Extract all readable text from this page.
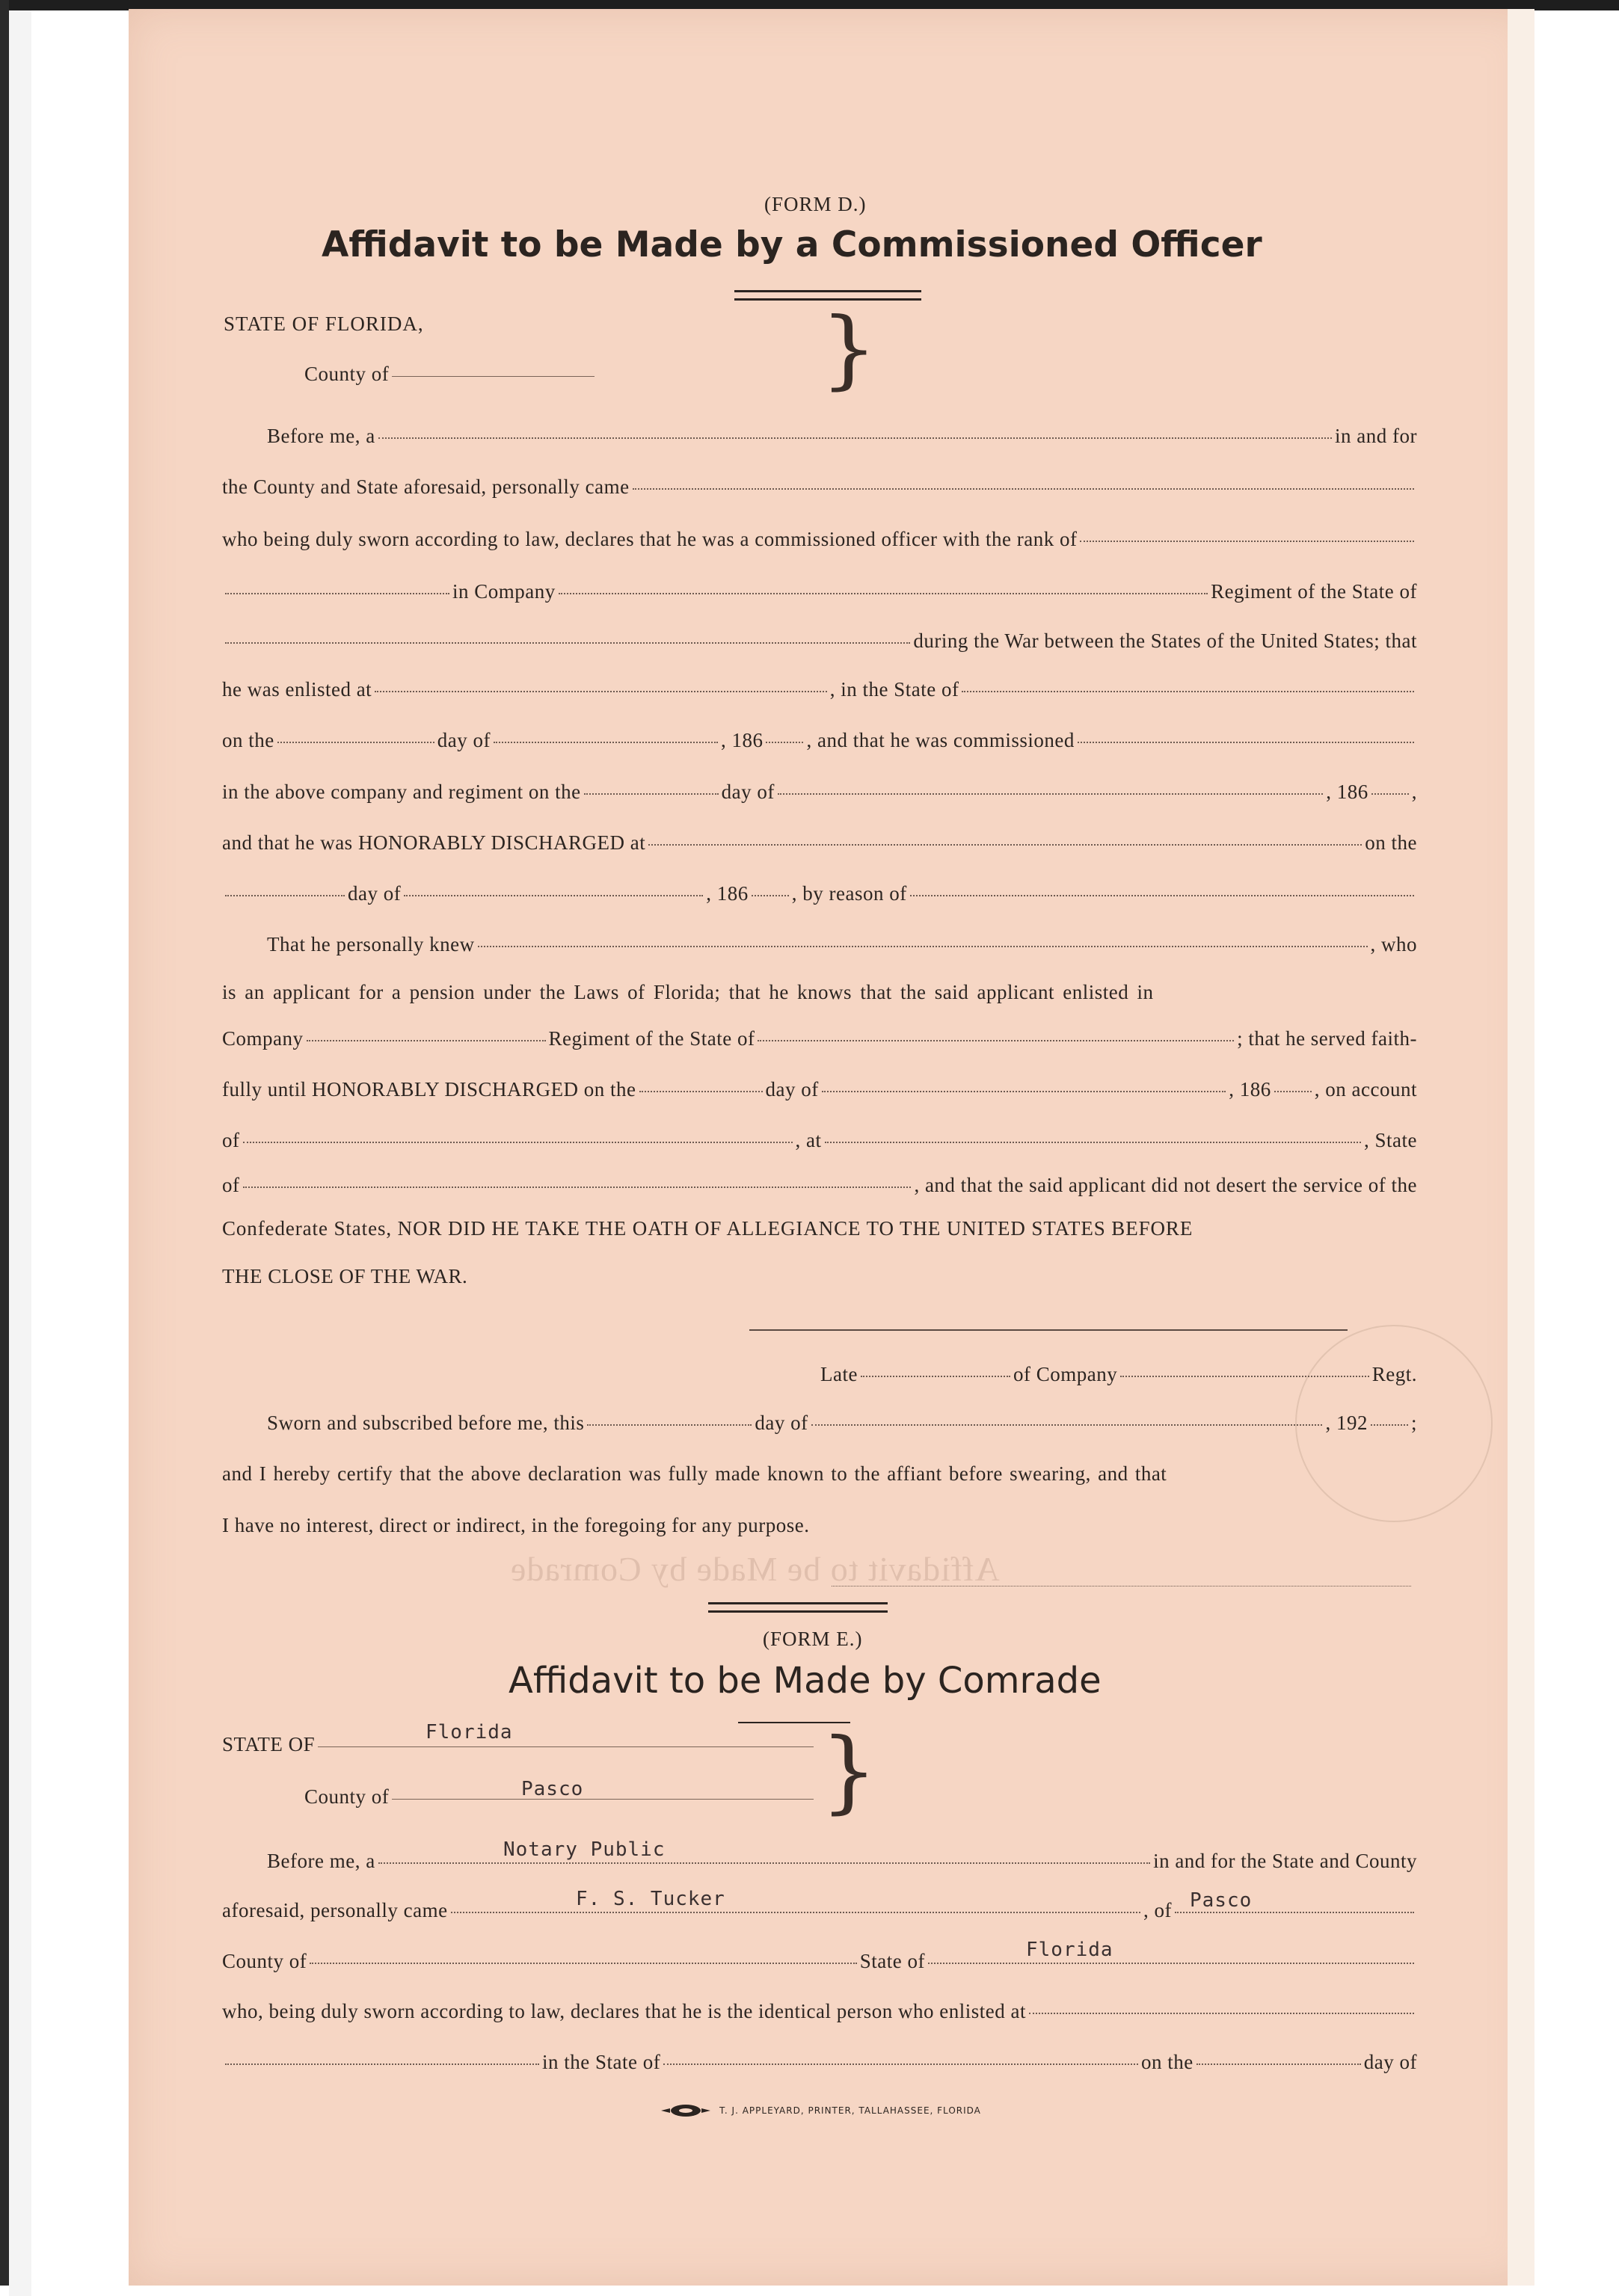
Affidavit to be Made by Comrade
(FORM D.)
Affidavit to be Made by a Commissioned Officer
STATE OF FLORIDA,
County of	}
Before me, a	in and for
the County and State aforesaid, personally came
who being duly sworn according to law, declares that he was a commissioned officer with the rank of
in Company	Regiment of the State of
during the War between the States of the United States; that
he was enlisted at	, in the State of
on the	day of	, 186 , and that he was commissioned
in the above company and regiment on the	day of	, 186 ,
and that he was HONORABLY DISCHARGED at	on the
day of	, 186 , by reason of
That he personally knew	, who
is an applicant for a pension under the Laws of Florida; that he knows that the said applicant enlisted in
Company	Regiment of the State of	; that he served faith-
fully until HONORABLY DISCHARGED on the	day of	, 186 , on account
of	, at	, State
of	, and that the said applicant did not desert the service of the
Confederate States, NOR DID HE TAKE THE OATH OF ALLEGIANCE TO THE UNITED STATES BEFORE
THE CLOSE OF THE WAR.
Late	of Company	Regt.
Sworn and subscribed before me, this	day of	, 192 ;
and I hereby certify that the above declaration was fully made known to the affiant before swearing, and that
I have no interest, direct or indirect, in the foregoing for any purpose.
(FORM E.)
Affidavit to be Made by Comrade
STATE OF
Florida
County of	Pasco	}
Before me, a	in and for the State and County
Notary Public
aforesaid, personally came	, of
F. S. Tucker	Pasco
County of	State of	Florida
who, being duly sworn according to law, declares that he is the identical person who enlisted at
in the State of	on the	day of
T. J. APPLEYARD, PRINTER, TALLAHASSEE, FLORIDA
